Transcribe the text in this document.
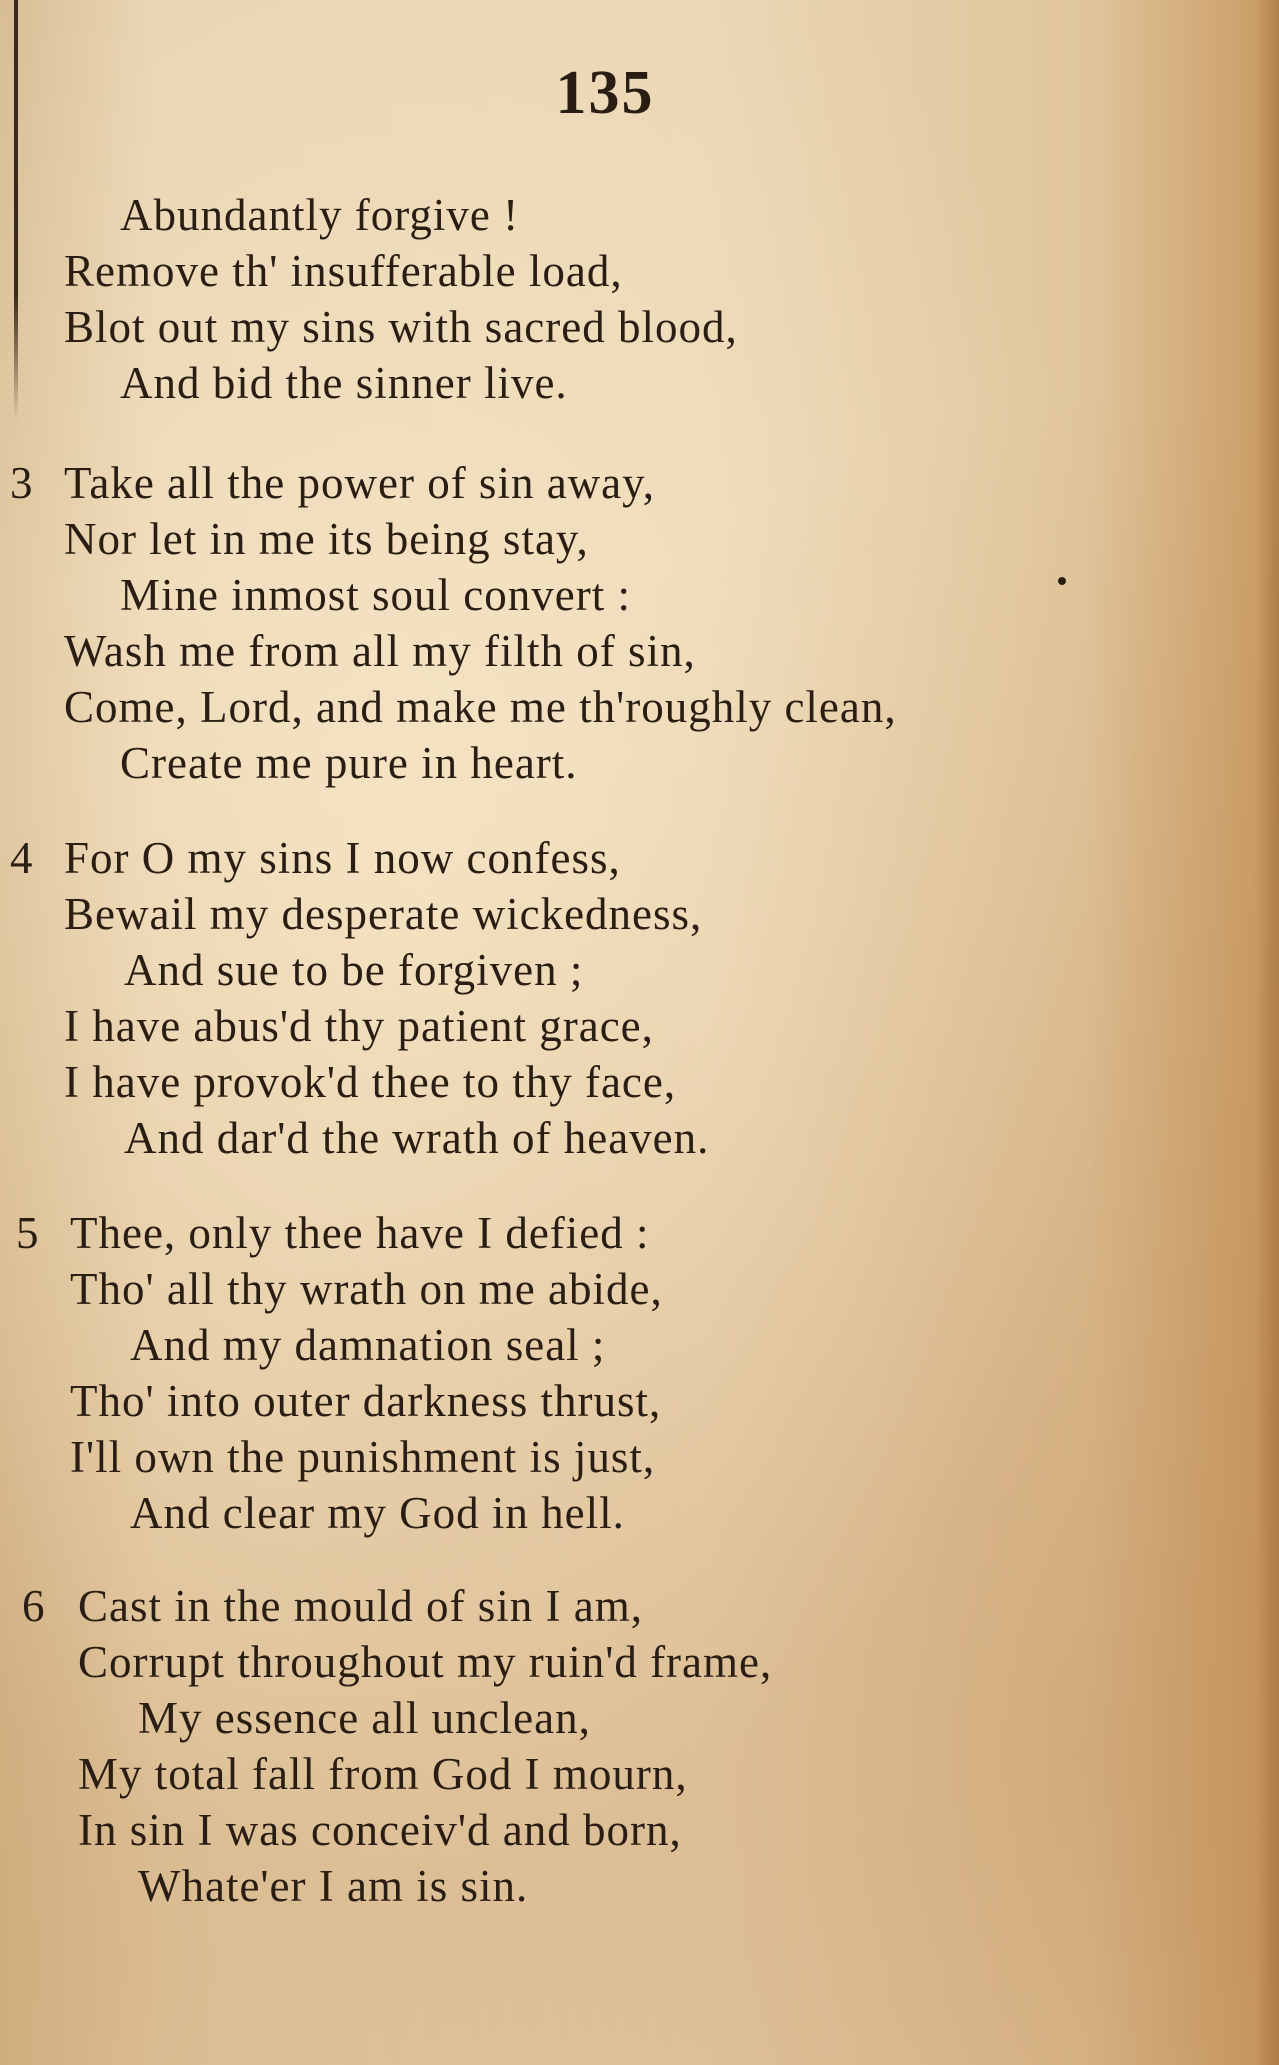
135
Abundantly forgive !
Remove th' insufferable load,
Blot out my sins with sacred blood,
And bid the sinner live.
3 Take all the power of sin away,
Nor let in me its being stay,
Mine inmost soul convert :
Wash me from all my filth of sin,
Come, Lord, and make me th'roughly clean,
Create me pure in heart.
4 For O my sins I now confess,
Bewail my desperate wickedness,
And sue to be forgiven ;
I have abus'd thy patient grace,
I have provok'd thee to thy face,
And dar'd the wrath of heaven.
5 Thee, only thee have I defied :
Tho' all thy wrath on me abide,
And my damnation seal ;
Tho' into outer darkness thrust,
I'll own the punishment is just,
And clear my God in hell.
6 Cast in the mould of sin I am,
Corrupt throughout my ruin'd frame,
My essence all unclean,
My total fall from God I mourn,
In sin I was conceiv'd and born,
Whate'er I am is sin.
